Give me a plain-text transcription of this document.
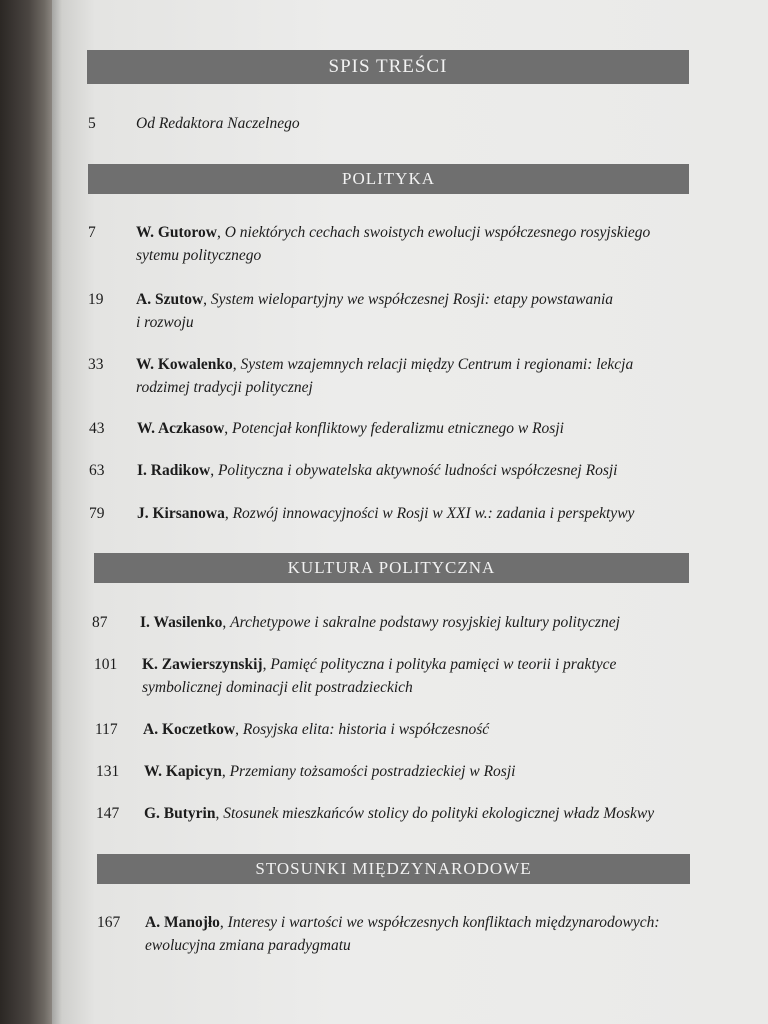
SPIS TREŚCI
5	Od Redaktora Naczelnego
POLITYKA
7	W. Gutorow, O niektórych cechach swoistych ewolucji współczesnego rosyjskiego
sytemu politycznego
19	A. Szutow, System wielopartyjny we współczesnej Rosji: etapy powstawania
i rozwoju
33	W. Kowalenko, System wzajemnych relacji między Centrum i regionami: lekcja
rodzimej tradycji politycznej
43	W. Aczkasow, Potencjał konfliktowy federalizmu etnicznego w Rosji
63	I. Radikow, Polityczna i obywatelska aktywność ludności współczesnej Rosji
79	J. Kirsanowa, Rozwój innowacyjności w Rosji w XXI w.: zadania i perspektywy
KULTURA POLITYCZNA
87	I. Wasilenko, Archetypowe i sakralne podstawy rosyjskiej kultury politycznej
101	K. Zawierszynskij, Pamięć polityczna i polityka pamięci w teorii i praktyce
symbolicznej dominacji elit postradzieckich
117	A. Koczetkow, Rosyjska elita: historia i współczesność
131	W. Kapicyn, Przemiany tożsamości postradzieckiej w Rosji
147	G. Butyrin, Stosunek mieszkańców stolicy do polityki ekologicznej władz Moskwy
STOSUNKI MIĘDZYNARODOWE
167	A. Manojło, Interesy i wartości we współczesnych konfliktach międzynarodowych:
ewolucyjna zmiana paradygmatu
